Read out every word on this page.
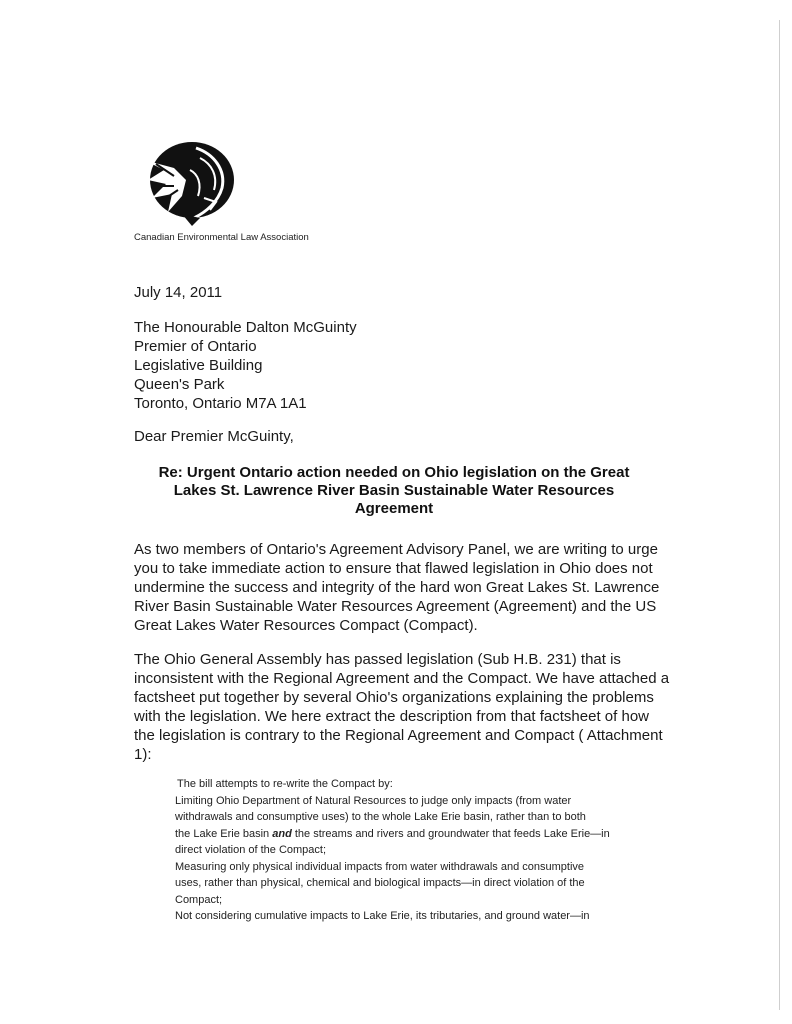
Canadian Environmental Law Association
July 14, 2011
The Honourable Dalton McGuinty
Premier of Ontario
Legislative Building
Queen's Park
Toronto, Ontario M7A 1A1
Dear Premier McGuinty,
Re: Urgent Ontario action needed on Ohio legislation on the Great
Lakes St. Lawrence River Basin Sustainable Water Resources
Agreement
As two members of Ontario's Agreement Advisory Panel, we are writing to urge
you to take immediate action to ensure that flawed legislation in Ohio does not
undermine the success and integrity of the hard won Great Lakes St. Lawrence
River Basin Sustainable Water Resources Agreement (Agreement) and the US
Great Lakes Water Resources Compact (Compact).
The Ohio General Assembly has passed legislation (Sub H.B. 231) that is
inconsistent with the Regional Agreement and the Compact. We have attached a
factsheet put together by several Ohio's organizations explaining the problems
with the legislation. We here extract the description from that factsheet of how
the legislation is contrary to the Regional Agreement and Compact ( Attachment
1):
The bill attempts to re-write the Compact by:
Limiting Ohio Department of Natural Resources to judge only impacts (from water
withdrawals and consumptive uses) to the whole Lake Erie basin, rather than to both
the Lake Erie basin and the streams and rivers and groundwater that feeds Lake Erie—in
direct violation of the Compact;
Measuring only physical individual impacts from water withdrawals and consumptive
uses, rather than physical, chemical and biological impacts—in direct violation of the
Compact;
Not considering cumulative impacts to Lake Erie, its tributaries, and ground water—in
